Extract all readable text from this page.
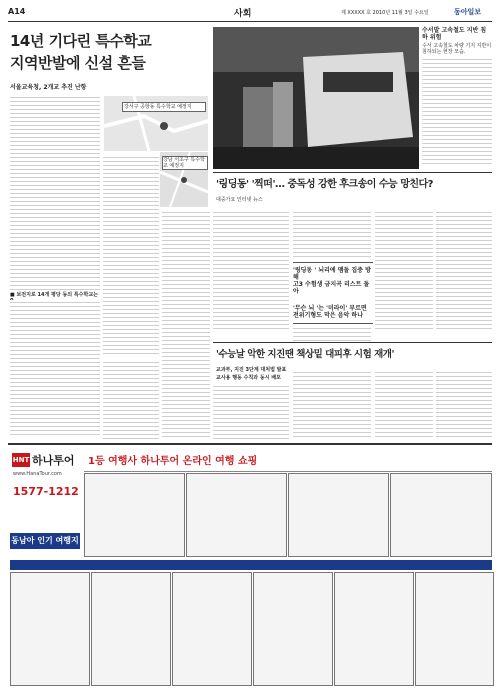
A14	사회	제 XXXXX 호 2010년 11월 3일 수요일	동아일보
14년 기다린 특수학교
지역반발에 신설 흔들
서울교육청, 2개교 추진 난항
■ 보전지로 14개 평당 동의 특수학교는
강서구 공항동 특수학교 예정지
강남 서초구 특수학교 예정지
수서발 고속철도 지반 침하 위험
수서 고속철도 차량 기지 지반이 침하되는 현장 모습.
'링딩동' '찍떠'… 중독성 강한 후크송이 수능 망친다?
대중가요 인터넷 뉴스
'링딩동 ' 뇌리에 맴돌 집중 방해
고3 수험생 금지곡 리스트 돌아
'무슨 뇌 '는 '미라이' 부르면
전위기형도 막은 음악 하나
'수능날 악한 지진땐 책상밑 대피후 시험 재개'
교과부, 지진 3단계 대처법 발표
교사용 행동 수칙과 동시 배포
HNT 하나투어
www.HanaTour.com
1577-1212
동남아 인기 여행지
1등 여행사 하나투어 온라인 여행 쇼핑
